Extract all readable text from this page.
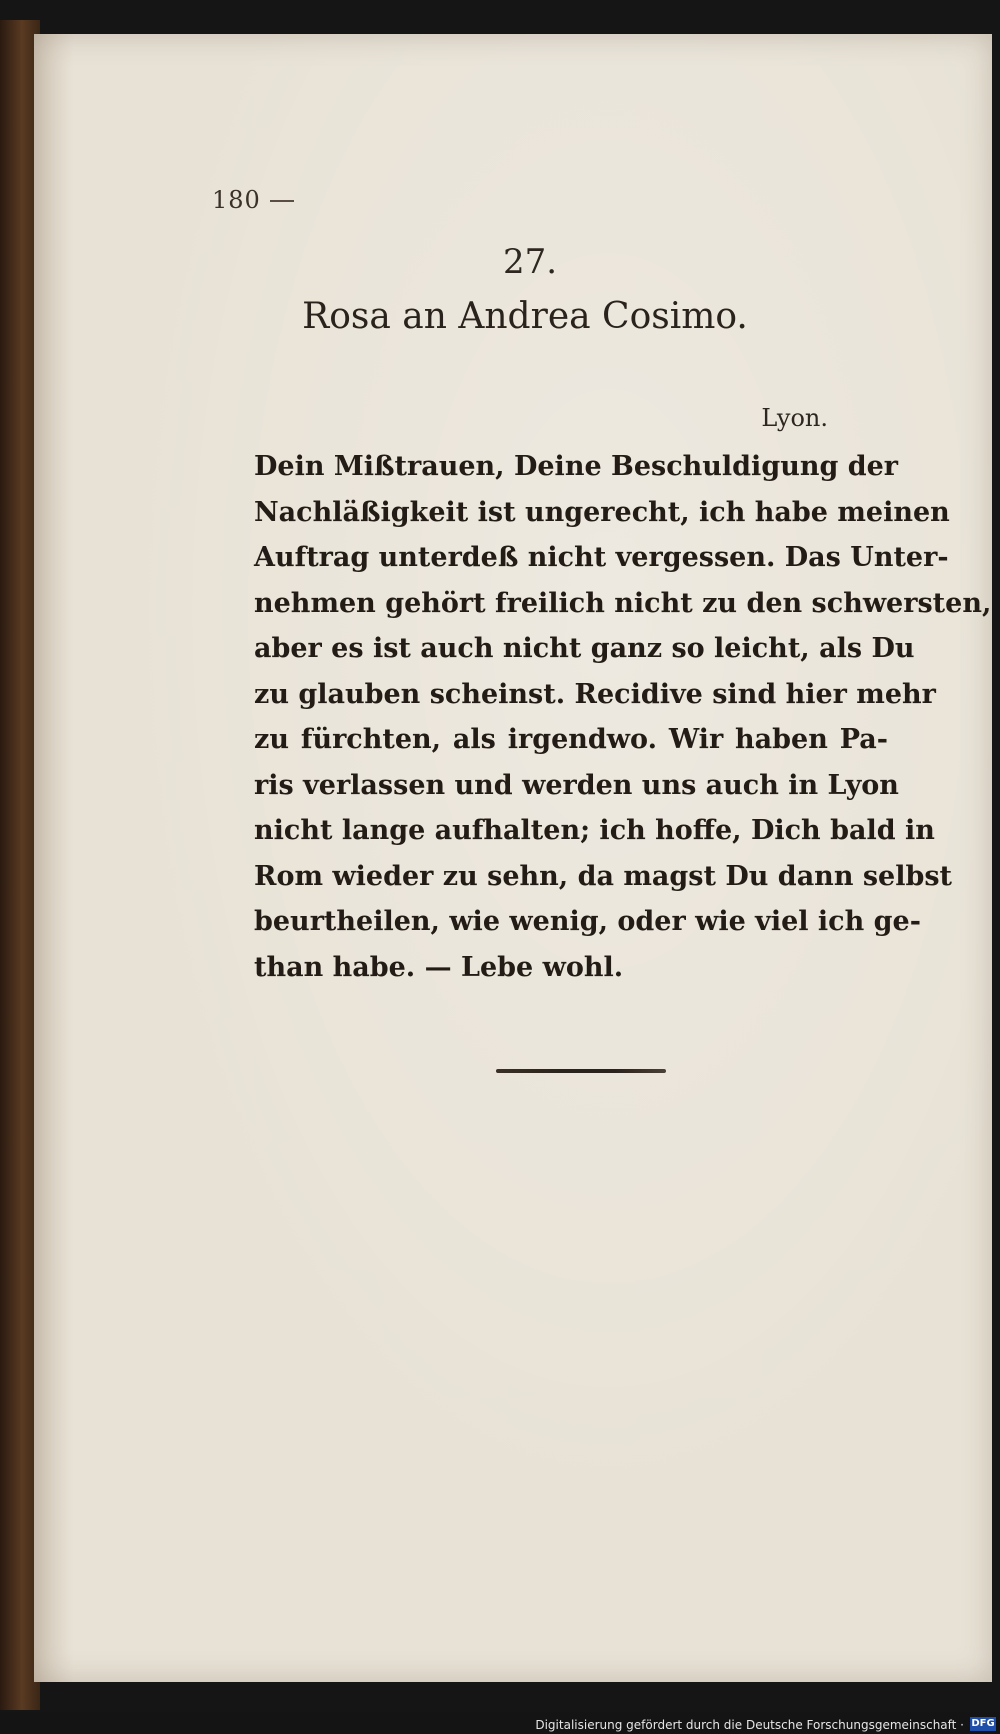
180
27.
Rosa an Andrea Cosimo.
Lyon.
Dein Mißtrauen, Deine Beschuldigung der
Nachläßigkeit ist ungerecht, ich habe meinen
Auftrag unterdeß nicht vergessen. Das Unter-
nehmen gehört freilich nicht zu den schwersten,
aber es ist auch nicht ganz so leicht, als Du
zu glauben scheinst. Recidive sind hier mehr
zu fürchten, als irgendwo. Wir haben Pa-
ris verlassen und werden uns auch in Lyon
nicht lange aufhalten; ich hoffe, Dich bald in
Rom wieder zu sehn, da magst Du dann selbst
beurtheilen, wie wenig, oder wie viel ich ge-
than habe. — Lebe wohl.
Digitalisierung gefördert durch die Deutsche Forschungsgemeinschaft · DFG
